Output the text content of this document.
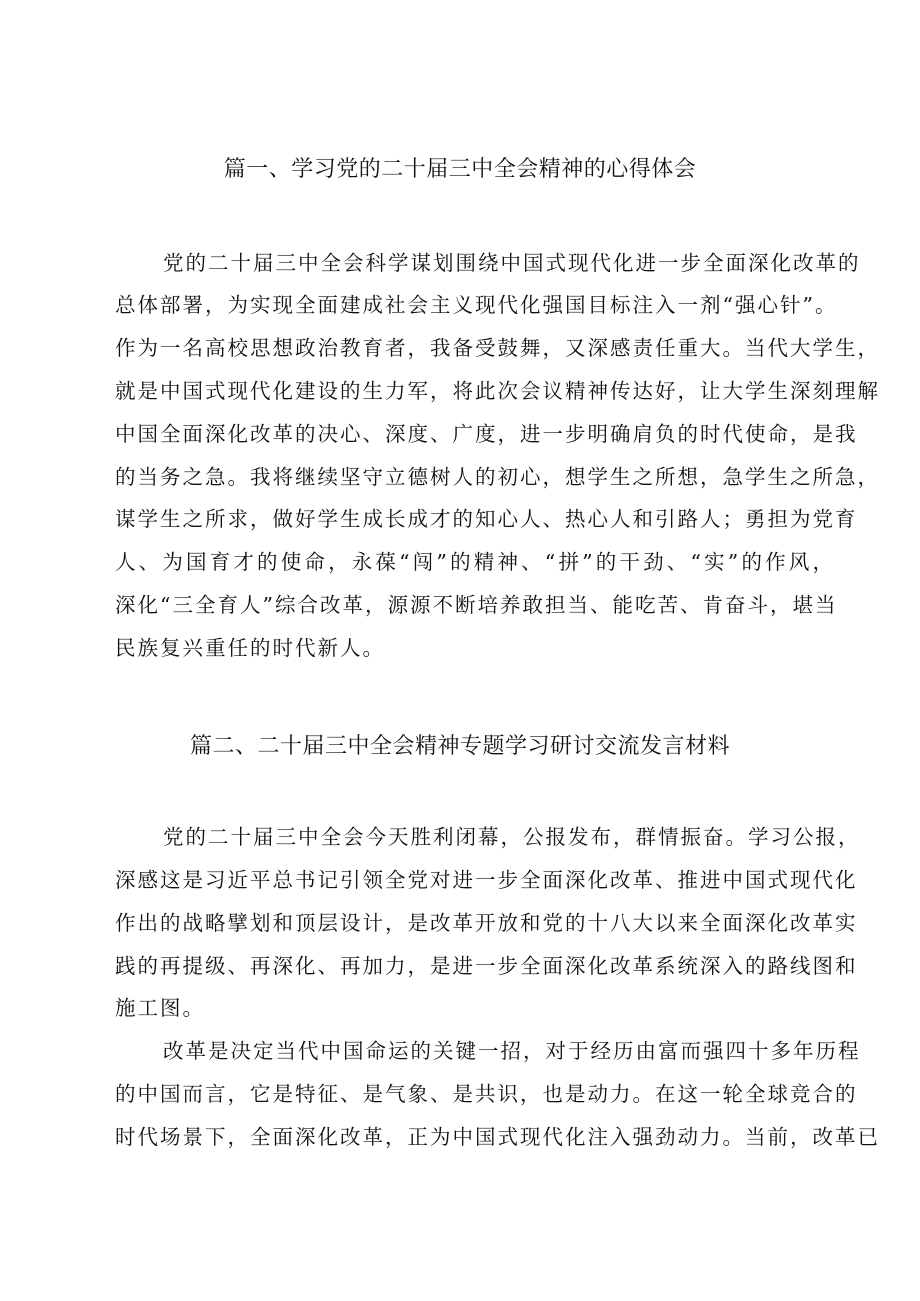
篇一、学习党的二十届三中全会精神的心得体会

党的二十届三中全会科学谋划围绕中国式现代化进一步全面深化改革的

总体部署，为实现全面建成社会主义现代化强国目标注入一剂“强心针”。

作为一名高校思想政治教育者，我备受鼓舞，又深感责任重大。当代大学生，

就是中国式现代化建设的生力军，将此次会议精神传达好，让大学生深刻理解

中国全面深化改革的决心、深度、广度，进一步明确肩负的时代使命，是我

的当务之急。我将继续坚守立德树人的初心，想学生之所想，急学生之所急，

谋学生之所求，做好学生成长成才的知心人、热心人和引路人；勇担为党育

人、为国育才的使命，永葆“闯”的精神、“拼”的干劲、“实”的作风，

深化“三全育人”综合改革，源源不断培养敢担当、能吃苦、肯奋斗，堪当

民族复兴重任的时代新人。

篇二、二十届三中全会精神专题学习研讨交流发言材料

党的二十届三中全会今天胜利闭幕，公报发布，群情振奋。学习公报，

深感这是习近平总书记引领全党对进一步全面深化改革、推进中国式现代化

作出的战略擘划和顶层设计，是改革开放和党的十八大以来全面深化改革实

践的再提级、再深化、再加力，是进一步全面深化改革系统深入的路线图和

施工图。

改革是决定当代中国命运的关键一招，对于经历由富而强四十多年历程

的中国而言，它是特征、是气象、是共识，也是动力。在这一轮全球竞合的

时代场景下，全面深化改革，正为中国式现代化注入强劲动力。当前，改革已
